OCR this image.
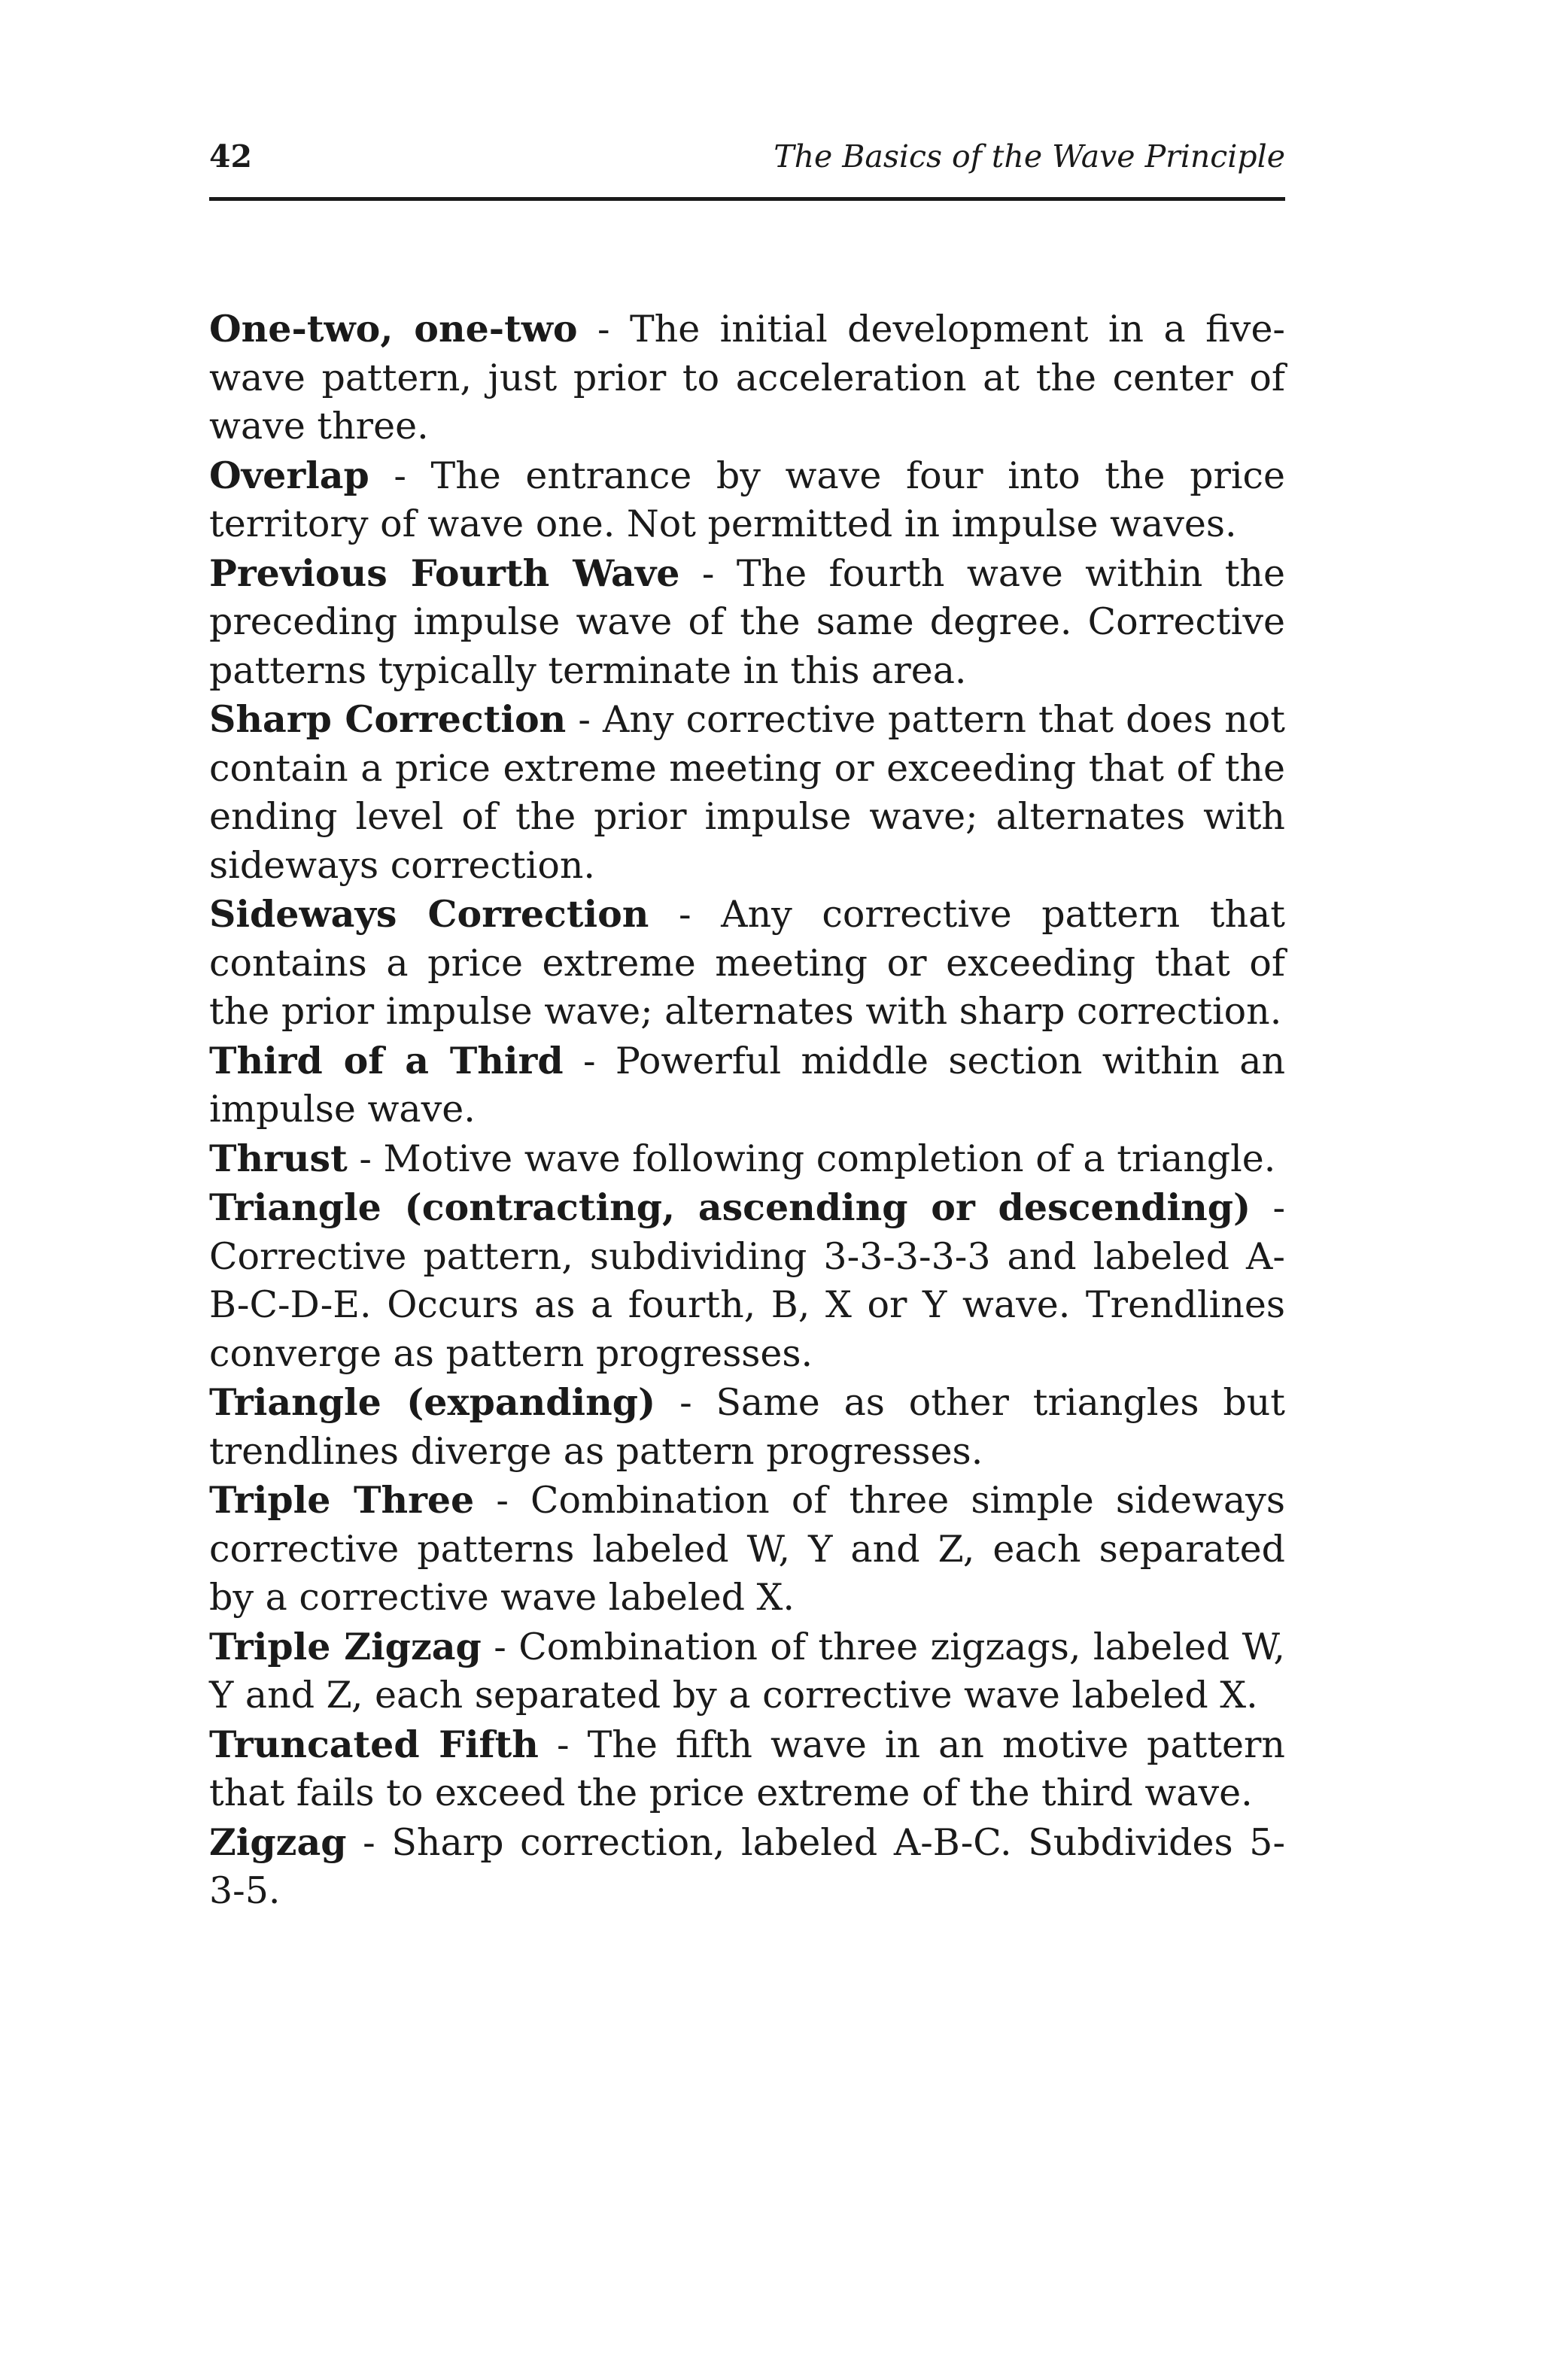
42	The Basics of the Wave Principle

One-two, one-two - The initial development in a five-wave pattern, just prior to acceleration at the center of wave three.

Overlap - The entrance by wave four into the price territory of wave one. Not permitted in impulse waves.

Previous Fourth Wave - The fourth wave within the preceding impulse wave of the same degree. Corrective patterns typically terminate in this area.

Sharp Correction - Any corrective pattern that does not contain a price extreme meeting or exceeding that of the ending level of the prior impulse wave; alternates with sideways correction.

Sideways Correction - Any corrective pattern that contains a price extreme meeting or exceeding that of the prior impulse wave; alternates with sharp correction.

Third of a Third - Powerful middle section within an impulse wave.

Thrust - Motive wave following completion of a triangle.

Triangle (contracting, ascending or descending) - Corrective pattern, subdividing 3-3-3-3-3 and labeled A-B-C-D-E. Occurs as a fourth, B, X or Y wave. Trendlines converge as pattern progresses.

Triangle (expanding) - Same as other triangles but trendlines diverge as pattern progresses.

Triple Three - Combination of three simple sideways corrective patterns labeled W, Y and Z, each separated by a corrective wave labeled X.

Triple Zigzag - Combination of three zigzags, labeled W, Y and Z, each separated by a corrective wave labeled X.

Truncated Fifth - The fifth wave in an motive pattern that fails to exceed the price extreme of the third wave.

Zigzag - Sharp correction, labeled A-B-C. Subdivides 5-3-5.
